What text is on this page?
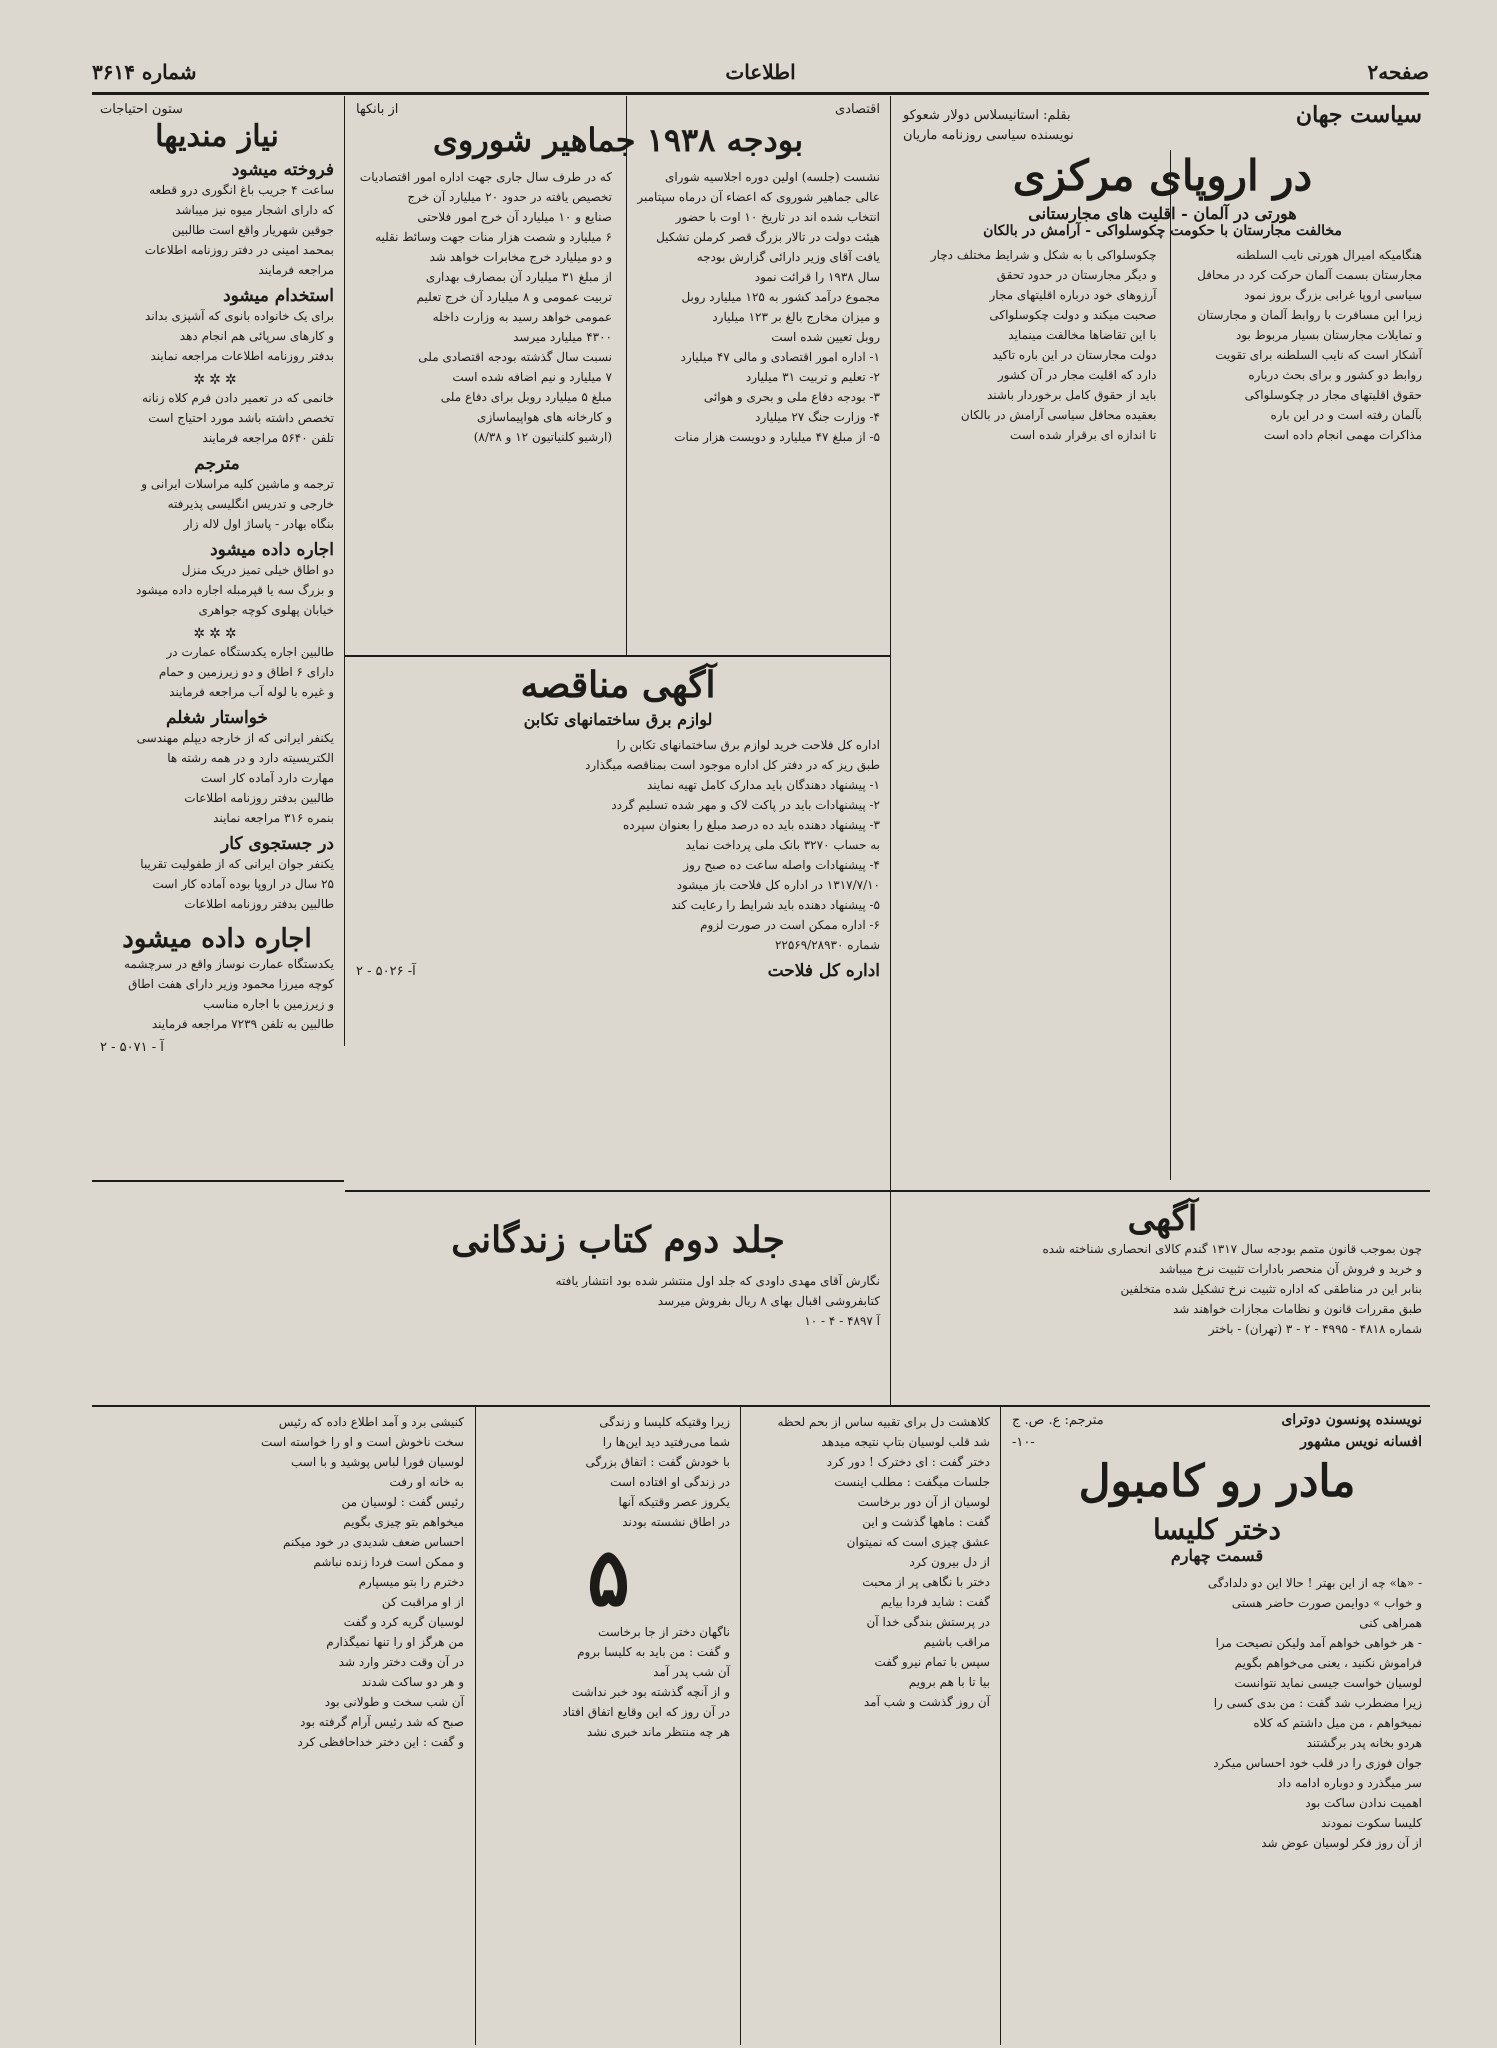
صفحه۲
اطلاعات
شماره ۳۶۱۴
سیاست جهان
بقلم: استانیسلاس دولار شعوکو
نویسنده سیاسی روزنامه ماریان
در اروپای مرکزی
هورتی در آلمان - اقلیت های مجارستانی
مخالفت مجارستان با حکومت چکوسلواکی - آرامش در بالکان
هنگامیکه امیرال هورتی نایب السلطنه
مجارستان بسمت آلمان حرکت کرد در محافل
سیاسی اروپا غرابی بزرگ بروز نمود
زیرا این مسافرت با روابط آلمان و مجارستان
و تمایلات مجارستان بسیار مربوط بود
آشکار است که نایب السلطنه برای تقویت
روابط دو کشور و برای بحث درباره
حقوق اقلیتهای مجار در چکوسلواکی
بآلمان رفته است و در این باره
مذاکرات مهمی انجام داده است
چکوسلواکی با به شکل و شرایط مختلف دچار
و دیگر مجارستان در حدود تحقق
آرزوهای خود درباره اقلیتهای مجار
صحبت میکند و دولت چکوسلواکی
با این تقاضاها مخالفت مینماید
دولت مجارستان در این باره تاکید
دارد که اقلیت مجار در آن کشور
باید از حقوق کامل برخوردار باشند
بعقیده محافل سیاسی آرامش در بالکان
تا اندازه ای برقرار شده است
اقتصادی
از بانکها
بودجه ۱۹۳۸ جماهیر شوروی
نشست (جلسه) اولین دوره اجلاسیه شورای
عالی جماهیر شوروی که اعضاء آن درماه سپتامبر
انتخاب شده اند در تاریخ ۱۰ اوت با حضور
هیئت دولت در تالار بزرگ قصر کرملن تشکیل
یافت آقای وزیر دارائی گزارش بودجه
سال ۱۹۳۸ را قرائت نمود
مجموع درآمد کشور به ۱۲۵ میلیارد روبل
و میزان مخارج بالغ بر ۱۲۳ میلیارد
روبل تعیین شده است
۱- اداره امور اقتصادی و مالی ۴۷ میلیارد
۲- تعلیم و تربیت ۳۱ میلیارد
۳- بودجه دفاع ملی و بحری و هوائی
۴- وزارت جنگ ۲۷ میلیارد
۵- از مبلغ ۴۷ میلیارد و دویست هزار منات
که در طرف سال جاری جهت اداره امور اقتصادیات
تخصیص یافته در حدود ۲۰ میلیارد آن خرج
صنایع و ۱۰ میلیارد آن خرج امور فلاحتی
۶ میلیارد و شصت هزار منات جهت وسائط نقلیه
و دو میلیارد خرج مخابرات خواهد شد
از مبلغ ۳۱ میلیارد آن بمصارف بهداری
تربیت عمومی و ۸ میلیارد آن خرج تعلیم
عمومی خواهد رسید به وزارت داخله
۴۳۰۰ میلیارد میرسد
نسبت سال گذشته بودجه اقتصادی ملی
۷ میلیارد و نیم اضافه شده است
مبلغ ۵ میلیارد روبل برای دفاع ملی
و کارخانه های هواپیماسازی
(ارشیو کلنیاتیون ۱۲ و ۸/۳۸)
آگهی مناقصه
لوازم برق ساختمانهای تکابن
اداره کل فلاحت خرید لوازم برق ساختمانهای تکابن را
طبق ریز که در دفتر کل اداره موجود است بمناقصه میگذارد
۱- پیشنهاد دهندگان باید مدارک کامل تهیه نمایند
۲- پیشنهادات باید در پاکت لاک و مهر شده تسلیم گردد
۳- پیشنهاد دهنده باید ده درصد مبلغ را بعنوان سپرده
به حساب ۳۲۷۰ بانک ملی پرداخت نماید
۴- پیشنهادات واصله ساعت ده صبح روز
۱۳۱۷/۷/۱۰ در اداره کل فلاحت باز میشود
۵- پیشنهاد دهنده باید شرایط را رعایت کند
۶- اداره ممکن است در صورت لزوم
شماره ۲۲۵۶۹/۲۸۹۳۰
اداره کل فلاحت
آ- ۵۰۲۶ - ۲
ستون احتیاجات
نیاز مندیها
فروخته میشود
ساعت ۴ جریب باغ انگوری درو قطعه
که دارای اشجار میوه نیز میباشد
جوقین شهریار واقع است طالبین
بمحمد امینی در دفتر روزنامه اطلاعات
مراجعه فرمایند
استخدام میشود
برای یک خانواده بانوی که آشپزی بداند
و کارهای سرپائی هم انجام دهد
بدفتر روزنامه اطلاعات مراجعه نمایند
✲✲✲
خانمی که در تعمیر دادن فرم کلاه زنانه
تخصص داشته باشد مورد احتیاج است
تلفن ۵۶۴۰ مراجعه فرمایند
مترجم
ترجمه و ماشین کلیه مراسلات ایرانی و
خارجی و تدریس انگلیسی پذیرفته
بنگاه بهادر - پاساژ اول لاله زار
اجاره داده میشود
دو اطاق خیلی تمیز دریک منزل
و بزرگ سه یا قپرمبله اجاره داده میشود
خیابان پهلوی کوچه جواهری
✲✲✲
طالبین اجاره یکدستگاه عمارت در
دارای ۶ اطاق و دو زیرزمین و حمام
و غیره با لوله آب مراجعه فرمایند
خواستار شغلم
یکنفر ایرانی که از خارجه دیپلم مهندسی
الکتریسیته دارد و در همه رشته ها
مهارت دارد آماده کار است
طالبین بدفتر روزنامه اطلاعات
بنمره ۳۱۶ مراجعه نمایند
در جستجوی کار
یکنفر جوان ایرانی که از طفولیت تقریبا
۲۵ سال در اروپا بوده آماده کار است
طالبین بدفتر روزنامه اطلاعات
اجاره داده میشود
یکدستگاه عمارت نوساز واقع در سرچشمه
کوچه میرزا محمود وزیر دارای هفت اطاق
و زیرزمین با اجاره مناسب
طالبین به تلفن ۷۲۳۹ مراجعه فرمایند
آ - ۵۰۷۱ - ۲
آگهی
چون بموجب قانون متمم بودجه سال ۱۳۱۷ گندم کالای انحصاری شناخته شده
و خرید و فروش آن منحصر بادارات تثبیت نرخ میباشد
بنابر این در مناطقی که اداره تثبیت نرخ تشکیل شده متخلفین
طبق مقررات قانون و نظامات مجازات خواهند شد
شماره ۴۸۱۸ - ۴۹۹۵ - ۲ - ۳ (تهران) - باختر
جلد دوم کتاب زندگانی
نگارش آقای مهدی داودی که جلد اول منتشر شده بود انتشار یافته
کتابفروشی اقبال بهای ۸ ریال بفروش میرسد
آ ۴۸۹۷ - ۴ - ۱۰
نویسنده پونسون دوترای
مترجم: ع. ص. ج
افسانه نویس مشهور
-۱۰-
مادر رو کامبول
دختر کلیسا
قسمت چهارم
- «ها» چه از این بهتر ! حالا این دو دلدادگی
و خواب » دوایمن صورت حاضر هستی
همراهی کنی
- هر خواهی خواهم آمد ولیکن نصیحت مرا
فراموش نکنید ، یعنی می‌خواهم بگویم
لوسیان خواست جیسی نماید نتوانست
زیرا مضطرب شد گفت : من بدی کسی را
نمیخواهم ، من میل داشتم که کلاه
هردو بخانه پدر برگشتند
جوان فوزی را در قلب خود احساس میکرد
سر میگذرد و دوباره ادامه داد
اهمیت ندادن ساکت بود
کلیسا سکوت نمودند
از آن روز فکر لوسیان عوض شد
کلاهشت دل برای تقبیه ساس از بحم لحظه
شد قلب لوسیان بتاپ نتیجه میدهد
دختر گفت : ای دخترک ! دور کرد
جلسات میگفت : مطلب اینست
لوسیان از آن دور برخاست
گفت : ماهها گذشت و این
عشق چیزی است که نمیتوان
از دل بیرون کرد
دختر با نگاهی پر از محبت
گفت : شاید فردا بیایم
در پرستش بندگی خدا آن
مراقب باشیم
سپس با تمام نیرو گفت
بیا تا با هم برویم
آن روز گذشت و شب آمد
زیرا وقتیکه کلیسا و زندگی
شما می‌رفتید دید این‌ها را
با خودش گفت : اتفاق بزرگی
در زندگی او افتاده است
یکروز عصر وقتیکه آنها
در اطاق نشسته بودند
۵
ناگهان دختر از جا برخاست
و گفت : من باید به کلیسا بروم
آن شب پدر آمد
و از آنچه گذشته بود خبر نداشت
در آن روز که این وقایع اتفاق افتاد
هر چه منتظر ماند خبری نشد
کنیشی برد و آمد اطلاع داده که رئیس
سخت ناخوش است و او را خواسته است
لوسیان فورا لباس پوشید و با اسب
به خانه او رفت
رئیس گفت : لوسیان من
میخواهم بتو چیزی بگویم
احساس ضعف شدیدی در خود میکنم
و ممکن است فردا زنده نباشم
دخترم را بتو میسپارم
از او مراقبت کن
لوسیان گریه کرد و گفت
من هرگز او را تنها نمیگذارم
در آن وقت دختر وارد شد
و هر دو ساکت شدند
آن شب سخت و طولانی بود
صبح که شد رئیس آرام گرفته بود
و گفت : این دختر خداحافظی کرد
